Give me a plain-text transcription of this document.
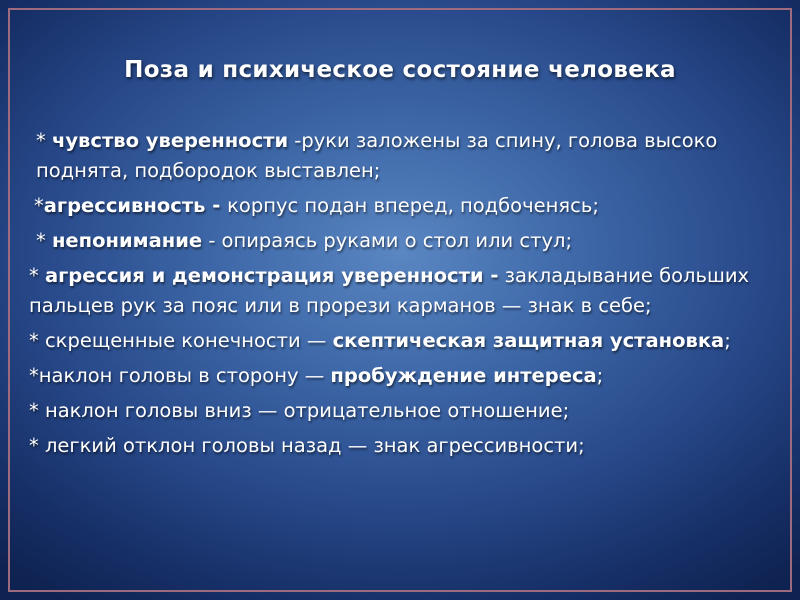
Поза и психическое состояние человека
* чувство уверенности -руки заложены за спину, голова высоко поднята, подбородок выставлен;
*агрессивность - корпус подан вперед, подбоченясь;
* непонимание - опираясь руками о стол или стул;
* агрессия и демонстрация уверенности - закладывание больших пальцев рук за пояс или в прорези карманов — знак в себе;
* скрещенные конечности — скептическая защитная установка;
*наклон головы в сторону — пробуждение интереса;
* наклон головы вниз — отрицательное отношение;
* легкий отклон головы назад — знак агрессивности;
